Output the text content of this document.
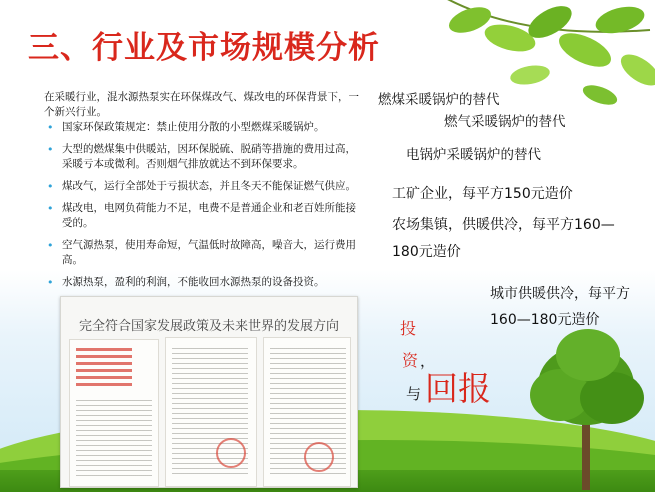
三、行业及市场规模分析

在采暖行业，混水源热泵实在环保煤改气、煤改电的环保背景下，一个新兴行业。

• 国家环保政策规定：禁止使用分散的小型燃煤采暖锅炉。
• 大型的燃煤集中供暖站，因环保脱硫、脱硝等措施的费用过高，采暖亏本或微利。否则烟气排放就达不到环保要求。
• 煤改气，运行全部处于亏损状态，并且冬天不能保证燃气供应。
• 煤改电，电网负荷能力不足，电费不是普通企业和老百姓所能接受的。
• 空气源热泵，使用寿命短，气温低时故障高，噪音大，运行费用高。
• 水源热泵，盈利的利润，不能收回水源热泵的设备投资。
完全符合国家发展政策及未来世界的发展方向
燃煤采暖锅炉的替代
燃气采暖锅炉的替代
电锅炉采暖锅炉的替代

工矿企业，每平方150元造价

农场集镇，供暖供冷，每平方160—180元造价

城市供暖供冷，每平方160—180元造价

投
资 ，
与 回报
